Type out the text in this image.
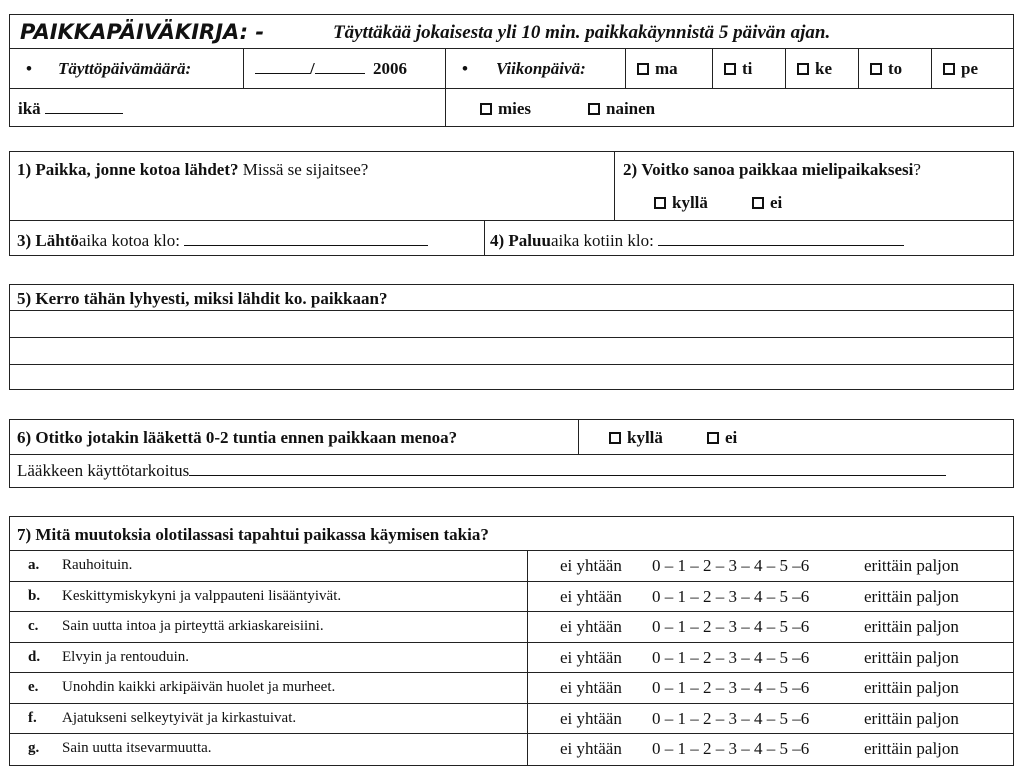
PAIKKAPÄIVÄKIRJA: -	Täyttäkää jokaisesta yli 10 min. paikkakäynnistä 5 päivän ajan.
• Täyttöpäivämäärä:	/	2006	• Viikonpäivä:	ma	ti	ke	to	pe
ikä	mies	nainen
1) Paikka, jonne kotoa lähdet? Missä se sijaitsee?	2) Voitko sanoa paikkaa mielipaikaksesi?
kyllä	ei
3) Lähtöaika kotoa klo:	4) Paluuaika kotiin klo:
5) Kerro tähän lyhyesti, miksi lähdit ko. paikkaan?
6) Otitko jotakin lääkettä 0-2 tuntia ennen paikkaan menoa?	kyllä	ei
Lääkkeen käyttötarkoitus
7) Mitä muutoksia olotilassasi tapahtui paikassa käymisen takia?
a. Rauhoituin.	ei yhtään 0 – 1 – 2 – 3 – 4 – 5 –6	erittäin paljon
b. Keskittymiskykyni ja valppauteni lisääntyivät.	ei yhtään 0 – 1 – 2 – 3 – 4 – 5 –6	erittäin paljon
c. Sain uutta intoa ja pirteyttä arkiaskareisiini.	ei yhtään 0 – 1 – 2 – 3 – 4 – 5 –6	erittäin paljon
d. Elvyin ja rentouduin.	ei yhtään 0 – 1 – 2 – 3 – 4 – 5 –6	erittäin paljon
e. Unohdin kaikki arkipäivän huolet ja murheet.	ei yhtään 0 – 1 – 2 – 3 – 4 – 5 –6	erittäin paljon
f. Ajatukseni selkeytyivät ja kirkastuivat.	ei yhtään 0 – 1 – 2 – 3 – 4 – 5 –6	erittäin paljon
g. Sain uutta itsevarmuutta.	ei yhtään 0 – 1 – 2 – 3 – 4 – 5 –6	erittäin paljon
